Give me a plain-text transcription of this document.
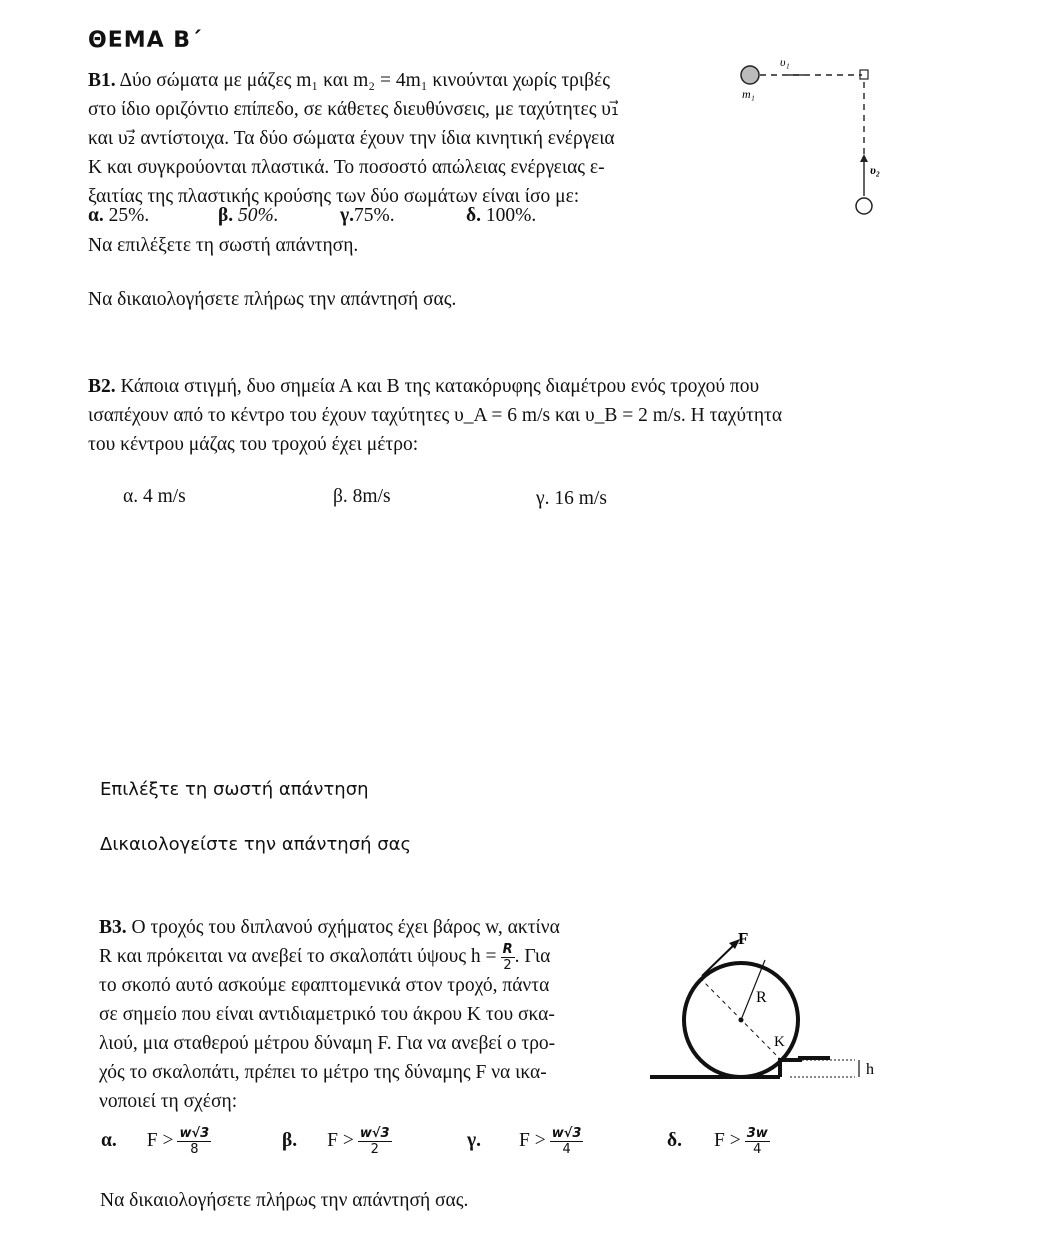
ΘΕΜΑ Β΄
Β1. Δύο σώματα με μάζες m₁ και m₂ = 4m₁ κινούνται χωρίς τριβές
στο ίδιο οριζόντιο επίπεδο, σε κάθετες διευθύνσεις, με ταχύτητες υ₁⃗
και υ₂⃗ αντίστοιχα. Τα δύο σώματα έχουν την ίδια κινητική ενέργεια
Κ και συγκρούονται πλαστικά. Το ποσοστό απώλειας ενέργειας ε-
ξαιτίας της πλαστικής κρούσης των δύο σωμάτων είναι ίσο με:
α. 25%.	β. 50%.	γ.75%.	δ. 100%.
Να επιλέξετε τη σωστή απάντηση.
Να δικαιολογήσετε πλήρως την απάντησή σας.
υ₁
m₁
υ₂
Β2. Κάποια στιγμή, δυο σημεία Α και Β της κατακόρυφης διαμέτρου ενός τροχού που
ισαπέχουν από το κέντρο του έχουν ταχύτητες υ_A = 6 m/s και υ_B = 2 m/s. Η ταχύτητα
του κέντρου μάζας του τροχού έχει μέτρο:
α. 4 m/s	β. 8m/s	γ. 16 m/s
Επιλέξτε τη σωστή απάντηση
Δικαιολογείστε την απάντησή σας
Β3. Ο τροχός του διπλανού σχήματος έχει βάρος w, ακτίνα
R και πρόκειται να ανεβεί το σκαλοπάτι ύψους $h = \frac{R}{2}$ . Για
το σκοπό αυτό ασκούμε εφαπτομενικά στον τροχό, πάντα
σε σημείο που είναι αντιδιαμετρικό του άκρου Κ του σκα-
λιού, μια σταθερού μέτρου δύναμη F. Για να ανεβεί ο τρο-
χός το σκαλοπάτι, πρέπει το μέτρο της δύναμης F να ικα-
νοποιεί τη σχέση:
α. $F > \frac{w√3}{8}$	β. $F > \frac{w√3}{2}$	γ. $F > \frac{w√3}{4}$	δ. $F > \frac{3w}{4}$
Να δικαιολογήσετε πλήρως την απάντησή σας.
F
R
K
h
